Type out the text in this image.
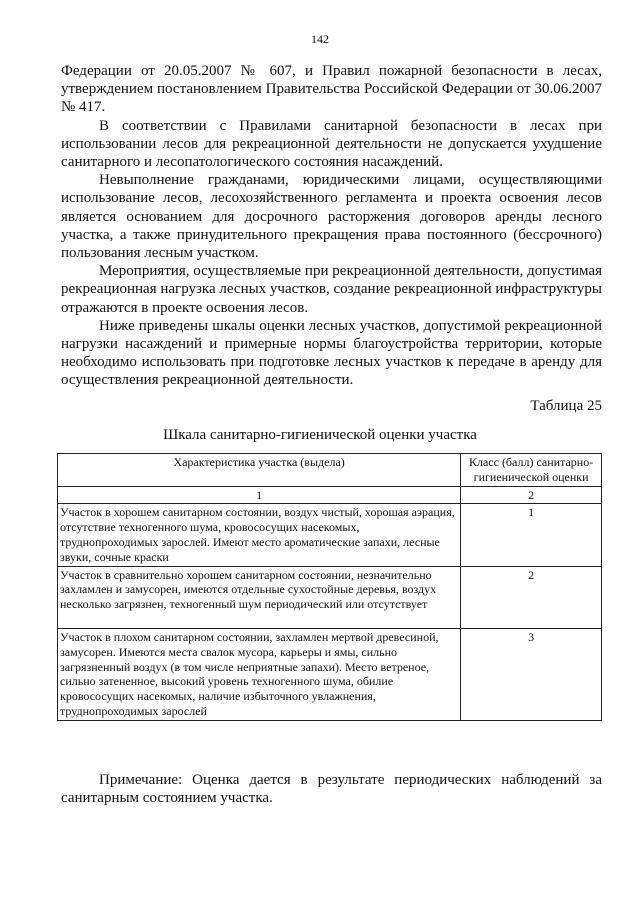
142

Федерации от 20.05.2007 № 607, и Правил пожарной безопасности в лесах, утверждением постановлением Правительства Российской Федерации от 30.06.2007 № 417.

В соответствии с Правилами санитарной безопасности в лесах при использовании лесов для рекреационной деятельности не допускается ухудшение санитарного и лесопатологического состояния насаждений.

Невыполнение гражданами, юридическими лицами, осуществляющими использование лесов, лесохозяйственного регламента и проекта освоения лесов является основанием для досрочного расторжения договоров аренды лесного участка, а также принудительного прекращения права постоянного (бессрочного) пользования лесным участком.

Мероприятия, осуществляемые при рекреационной деятельности, допустимая рекреационная нагрузка лесных участков, создание рекреационной инфраструктуры отражаются в проекте освоения лесов.

Ниже приведены шкалы оценки лесных участков, допустимой рекреационной нагрузки насаждений и примерные нормы благоустройства территории, которые необходимо использовать при подготовке лесных участков к передаче в аренду для осуществления рекреационной деятельности.

Таблица 25
Шкала санитарно-гигиенической оценки участка
Характеристика участка (выдела)	Класс (балл) санитарно-гигиенической оценки
1	2
Участок в хорошем санитарном состоянии, воздух чистый, хорошая аэрация, отсутствие техногенного шума, кровососущих насекомых, труднопроходимых зарослей. Имеют место ароматические запахи, лесные звуки, сочные краски	1
Участок в сравнительно хорошем санитарном состоянии, незначительно захламлен и замусорен, имеются отдельные сухостойные деревья, воздух несколько загрязнен, техногенный шум периодический или отсутствует	2
Участок в плохом санитарном состоянии, захламлен мертвой древесиной, замусорен. Имеются места свалок мусора, карьеры и ямы, сильно загрязненный воздух (в том числе неприятные запахи). Место ветреное, сильно затененное, высокий уровень техногенного шума, обилие кровососущих насекомых, наличие избыточного увлажнения, труднопроходимых зарослей	3
Примечание: Оценка дается в результате периодических наблюдений за санитарным состоянием участка.
